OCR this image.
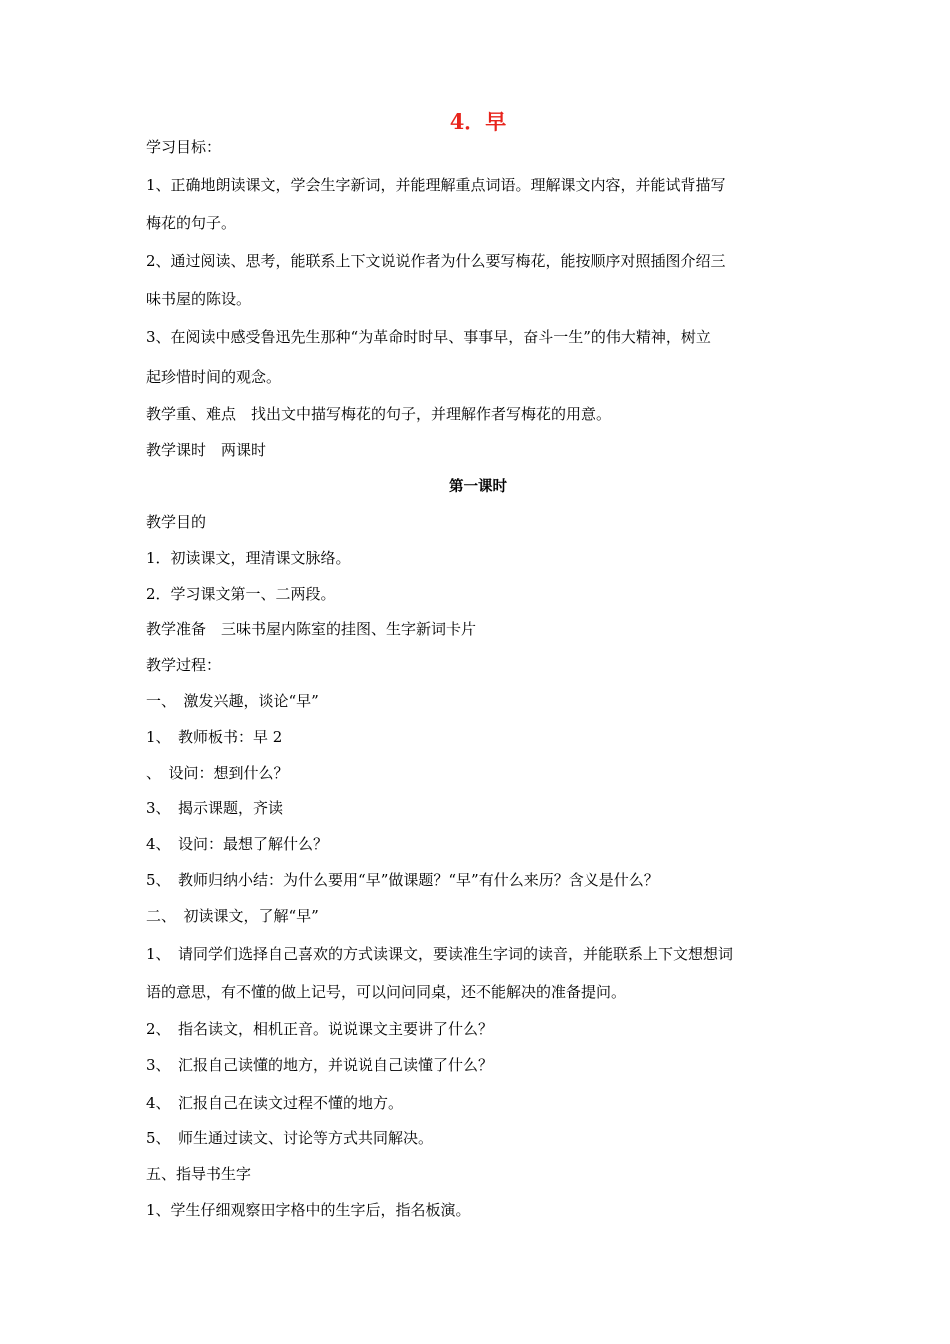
4．早

学习目标：

1、正确地朗读课文，学会生字新词，并能理解重点词语。理解课文内容，并能试背描写

梅花的句子。

2、通过阅读、思考，能联系上下文说说作者为什么要写梅花，能按顺序对照插图介绍三

味书屋的陈设。

3、在阅读中感受鲁迅先生那种“为革命时时早、事事早，奋斗一生”的伟大精神，树立

起珍惜时间的观念。

教学重、难点　找出文中描写梅花的句子，并理解作者写梅花的用意。

教学课时　两课时

第一课时

教学目的

1．初读课文，理清课文脉络。

2．学习课文第一、二两段。

教学准备　三味书屋内陈室的挂图、生字新词卡片

教学过程：

一、　激发兴趣，谈论“早”

1、　教师板书：早 2

、　设问：想到什么？

3、　揭示课题，齐读

4、　设问：最想了解什么？

5、　教师归纳小结：为什么要用“早”做课题？“早”有什么来历？含义是什么？

二、　初读课文，了解“早”

1、　请同学们选择自己喜欢的方式读课文，要读准生字词的读音，并能联系上下文想想词

语的意思，有不懂的做上记号，可以问问同桌，还不能解决的准备提问。

2、　指名读文，相机正音。说说课文主要讲了什么？

3、　汇报自己读懂的地方，并说说自己读懂了什么？

4、　汇报自己在读文过程不懂的地方。

5、　师生通过读文、讨论等方式共同解决。

五、指导书生字

1、学生仔细观察田字格中的生字后，指名板演。
